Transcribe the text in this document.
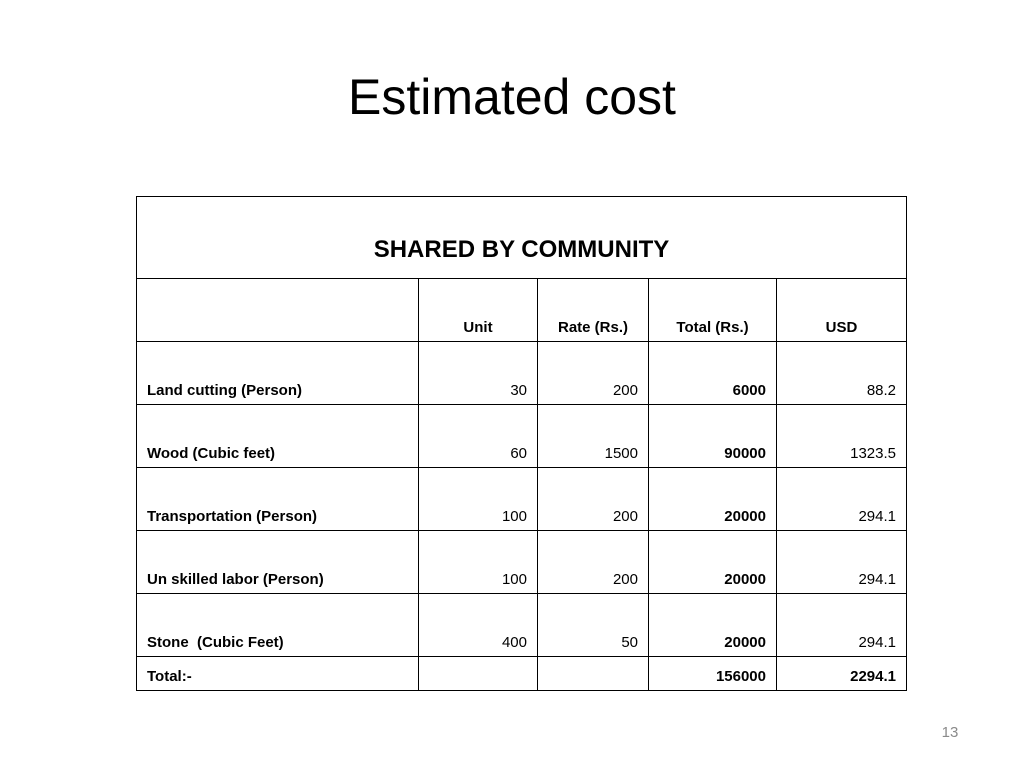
Estimated cost
SHARED BY COMMUNITY				
	Unit	Rate (Rs.)	Total (Rs.)	USD
Land cutting (Person)	30	200	6000	88.2
Wood (Cubic feet)	60	1500	90000	1323.5
Transportation (Person)	100	200	20000	294.1
Un skilled labor (Person)	100	200	20000	294.1
Stone  (Cubic Feet)	400	50	20000	294.1
Total:-			156000	2294.1
13
